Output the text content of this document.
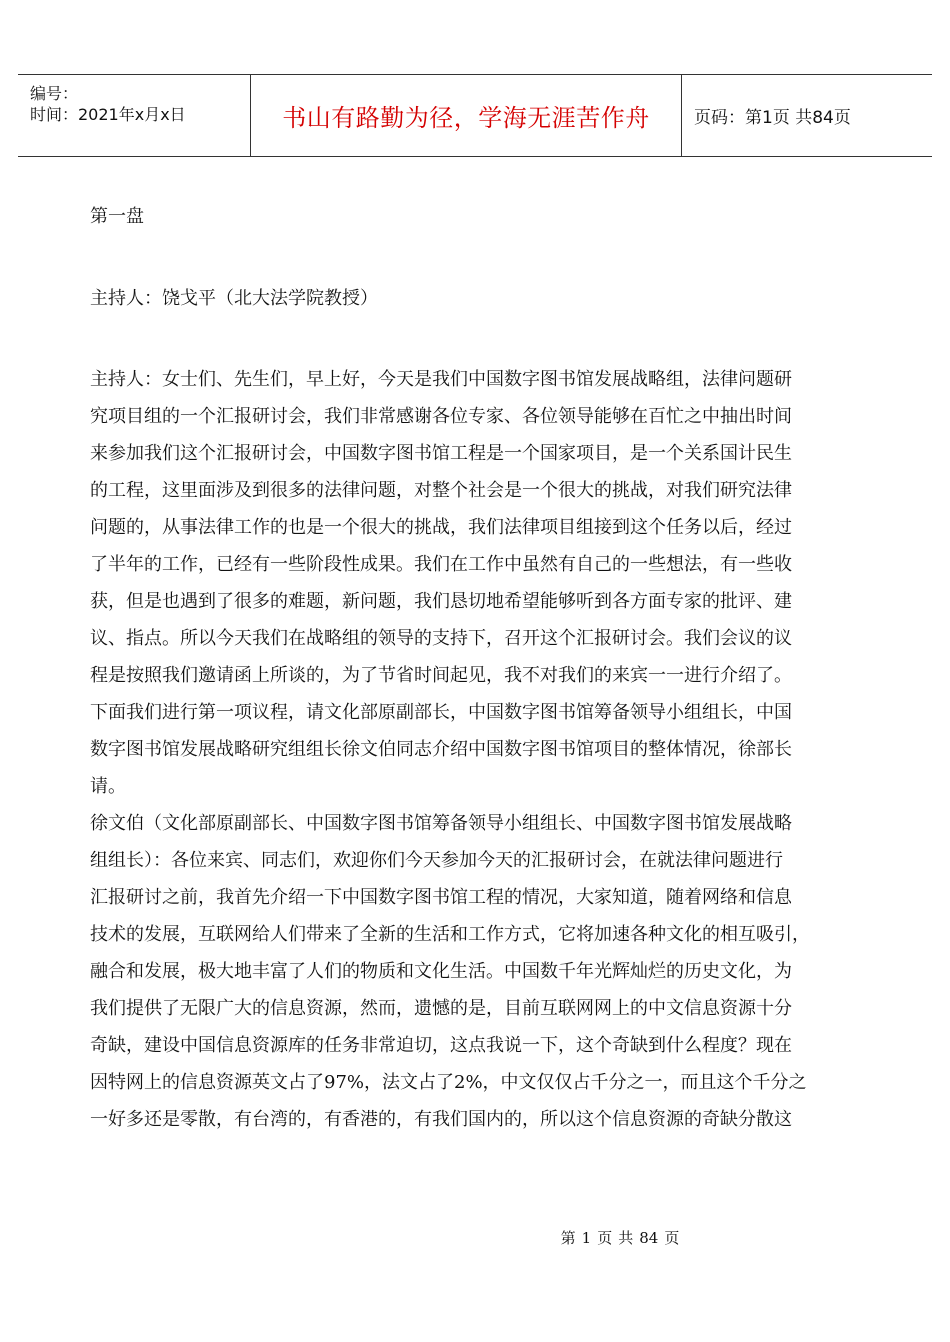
编号：
时间：2021年x月x日	书山有路勤为径，学海无涯苦作舟	页码：第1页 共84页
第一盘
主持人：饶戈平（北大法学院教授）
主持人：女士们、先生们，早上好，今天是我们中国数字图书馆发展战略组，法律问题研
究项目组的一个汇报研讨会，我们非常感谢各位专家、各位领导能够在百忙之中抽出时间
来参加我们这个汇报研讨会，中国数字图书馆工程是一个国家项目，是一个关系国计民生
的工程，这里面涉及到很多的法律问题，对整个社会是一个很大的挑战，对我们研究法律
问题的，从事法律工作的也是一个很大的挑战，我们法律项目组接到这个任务以后，经过
了半年的工作，已经有一些阶段性成果。我们在工作中虽然有自己的一些想法，有一些收
获，但是也遇到了很多的难题，新问题，我们恳切地希望能够听到各方面专家的批评、建
议、指点。所以今天我们在战略组的领导的支持下，召开这个汇报研讨会。我们会议的议
程是按照我们邀请函上所谈的，为了节省时间起见，我不对我们的来宾一一进行介绍了。
下面我们进行第一项议程，请文化部原副部长，中国数字图书馆筹备领导小组组长，中国
数字图书馆发展战略研究组组长徐文伯同志介绍中国数字图书馆项目的整体情况，徐部长
请。
徐文伯（文化部原副部长、中国数字图书馆筹备领导小组组长、中国数字图书馆发展战略
组组长）：各位来宾、同志们，欢迎你们今天参加今天的汇报研讨会，在就法律问题进行
汇报研讨之前，我首先介绍一下中国数字图书馆工程的情况，大家知道，随着网络和信息
技术的发展，互联网给人们带来了全新的生活和工作方式，它将加速各种文化的相互吸引，
融合和发展，极大地丰富了人们的物质和文化生活。中国数千年光辉灿烂的历史文化，为
我们提供了无限广大的信息资源，然而，遗憾的是，目前互联网网上的中文信息资源十分
奇缺，建设中国信息资源库的任务非常迫切，这点我说一下，这个奇缺到什么程度？现在
因特网上的信息资源英文占了97%，法文占了2%，中文仅仅占千分之一，而且这个千分之
一好多还是零散，有台湾的，有香港的，有我们国内的，所以这个信息资源的奇缺分散这
第 1 页 共 84 页
